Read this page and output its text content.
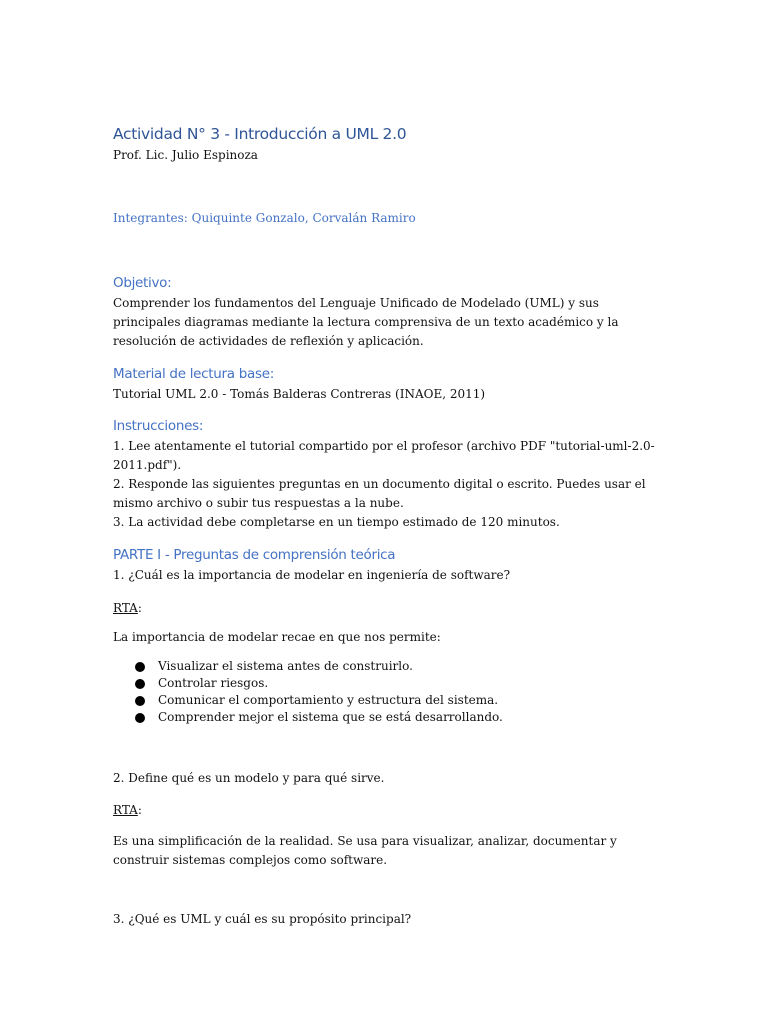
Actividad N° 3 - Introducción a UML 2.0
Prof. Lic. Julio Espinoza
Integrantes: Quiquinte Gonzalo, Corvalán Ramiro
Objetivo:
Comprender los fundamentos del Lenguaje Unificado de Modelado (UML) y sus principales diagramas mediante la lectura comprensiva de un texto académico y la resolución de actividades de reflexión y aplicación.
Material de lectura base:
Tutorial UML 2.0 - Tomás Balderas Contreras (INAOE, 2011)
Instrucciones:
1. Lee atentamente el tutorial compartido por el profesor (archivo PDF "tutorial-uml-2.0-2011.pdf").
2. Responde las siguientes preguntas en un documento digital o escrito. Puedes usar el mismo archivo o subir tus respuestas a la nube.
3. La actividad debe completarse en un tiempo estimado de 120 minutos.
PARTE I - Preguntas de comprensión teórica
1. ¿Cuál es la importancia de modelar en ingeniería de software?
RTA:
La importancia de modelar recae en que nos permite:
Visualizar el sistema antes de construirlo.
Controlar riesgos.
Comunicar el comportamiento y estructura del sistema.
Comprender mejor el sistema que se está desarrollando.
2. Define qué es un modelo y para qué sirve.
RTA:
Es una simplificación de la realidad. Se usa para visualizar, analizar, documentar y construir sistemas complejos como software.
3. ¿Qué es UML y cuál es su propósito principal?
